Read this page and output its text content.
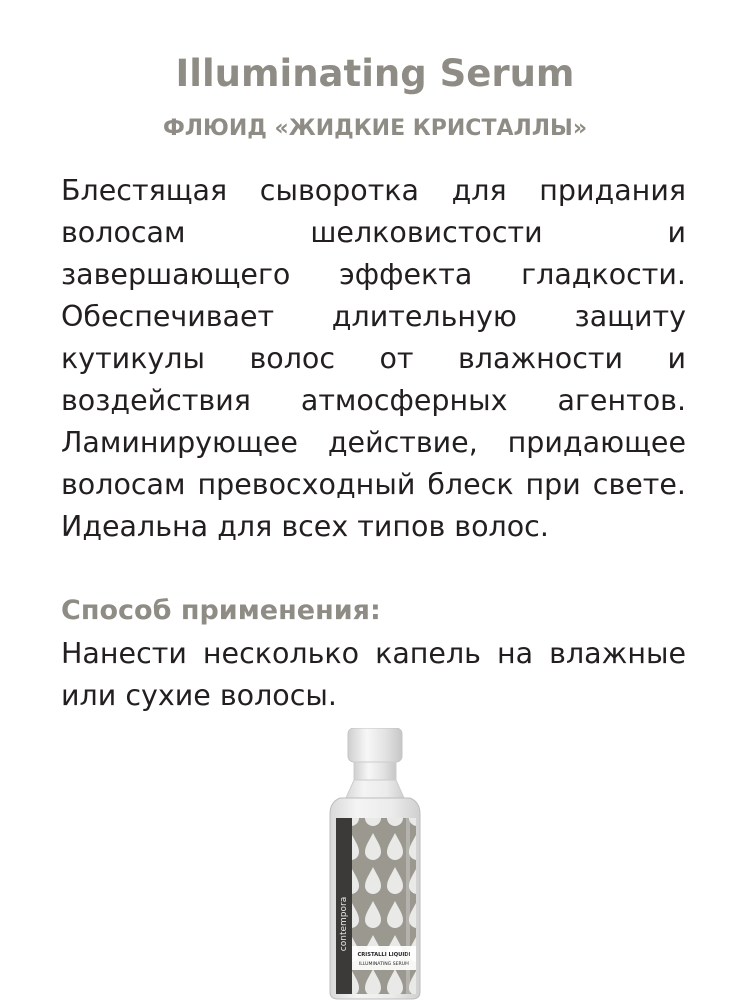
Illuminating Serum
ФЛЮИД «ЖИДКИЕ КРИСТАЛЛЫ»

Блестящая сыворотка для придания волосам шелковистости и завершающего эффекта гладкости. Обеспечивает длительную защиту кутикулы волос от влажности и воздействия атмосферных агентов. Ламинирующее действие, придающее волосам превосходный блеск при свете. Идеальна для всех типов волос.

Способ применения:

Нанести несколько капель на влажные или сухие волосы.

contempora
CRISTALLI LIQUIDI
ILLUMINATING SERUM
